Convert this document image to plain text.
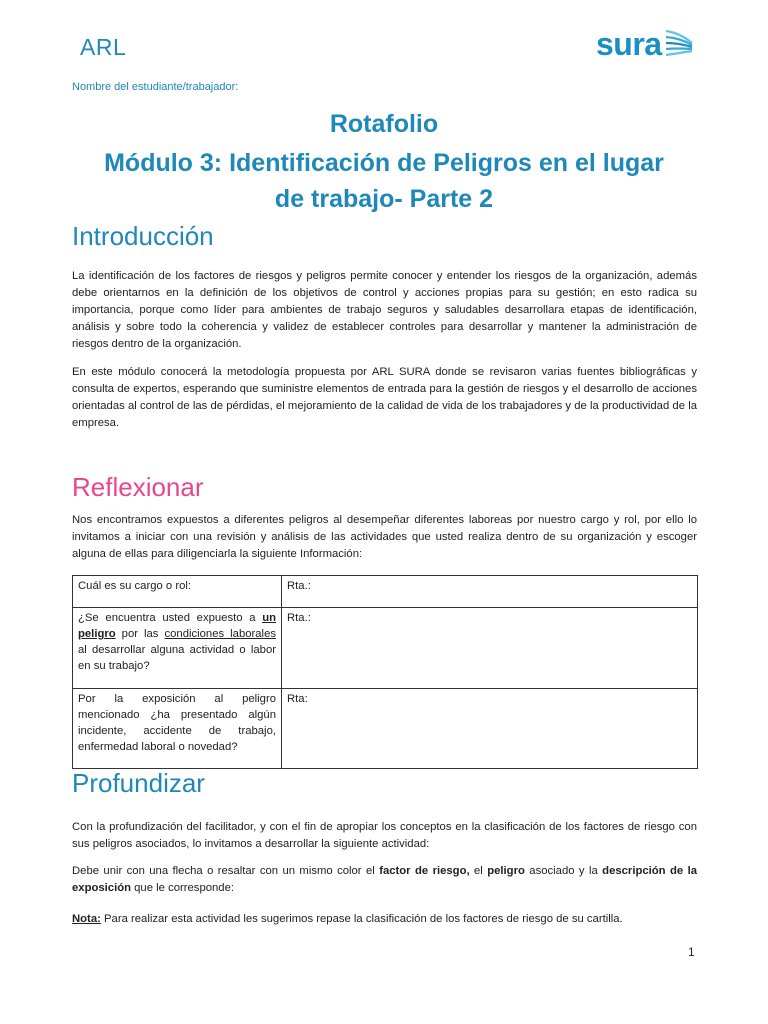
ARL	sura
Nombre del estudiante/trabajador:
Rotafolio
Módulo 3: Identificación de Peligros en el lugar
de trabajo- Parte 2
Introducción
La identificación de los factores de riesgos y peligros permite conocer y entender los riesgos de la organización, además debe orientarnos en la definición de los objetivos de control y acciones propias para su gestión; en esto radica su importancia, porque como líder para ambientes de trabajo seguros y saludables desarrollara etapas de identificación, análisis y sobre todo la coherencia y validez de establecer controles para desarrollar y mantener la administración de riesgos dentro de la organización.
En este módulo conocerá la metodología propuesta por ARL SURA donde se revisaron varias fuentes bibliográficas y consulta de expertos, esperando que suministre elementos de entrada para la gestión de riesgos y el desarrollo de acciones orientadas al control de las de pérdidas, el mejoramiento de la calidad de vida de los trabajadores y de la productividad de la empresa.
Reflexionar
Nos encontramos expuestos a diferentes peligros al desempeñar diferentes laboreas por nuestro cargo y rol, por ello lo invitamos a iniciar con una revisión y análisis de las actividades que usted realiza dentro de su organización y escoger alguna de ellas para diligenciarla la siguiente Información:
Cuál es su cargo o rol:	Rta.:
¿Se encuentra usted expuesto a un peligro por las condiciones laborales al desarrollar alguna actividad o labor en su trabajo?	Rta.:
Por la exposición al peligro mencionado ¿ha presentado algún incidente, accidente de trabajo, enfermedad laboral o novedad?	Rta:
Profundizar
Con la profundización del facilitador, y con el fin de apropiar los conceptos en la clasificación de los factores de riesgo con sus peligros asociados, lo invitamos a desarrollar la siguiente actividad:
Debe unir con una flecha o resaltar con un mismo color el factor de riesgo, el peligro asociado y la descripción de la exposición que le corresponde:
Nota: Para realizar esta actividad les sugerimos repase la clasificación de los factores de riesgo de su cartilla.
1
